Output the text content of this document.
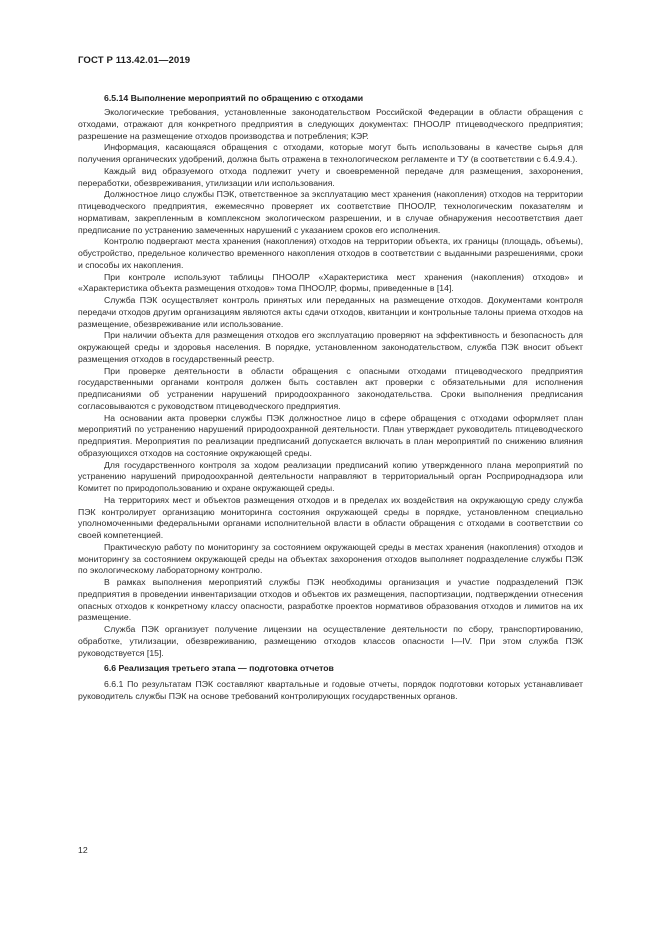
ГОСТ Р 113.42.01—2019
6.5.14 Выполнение мероприятий по обращению с отходами

Экологические требования, установленные законодательством Российской Федерации в области обращения с отходами, отражают для конкретного предприятия в следующих документах: ПНООЛР птицеводческого предприятия; разрешение на размещение отходов производства и потребления; КЭР.

Информация, касающаяся обращения с отходами, которые могут быть использованы в качестве сырья для получения органических удобрений, должна быть отражена в технологическом регламенте и ТУ (в соответствии с 6.4.9.4.).

Каждый вид образуемого отхода подлежит учету и своевременной передаче для размещения, захоронения, переработки, обезвреживания, утилизации или использования.

Должностное лицо службы ПЭК, ответственное за эксплуатацию мест хранения (накопления) отходов на территории птицеводческого предприятия, ежемесячно проверяет их соответствие ПНООЛР, технологическим показателям и нормативам, закрепленным в комплексном экологическом разрешении, и в случае обнаружения несоответствия дает предписание по устранению замеченных нарушений с указанием сроков его исполнения.

Контролю подвергают места хранения (накопления) отходов на территории объекта, их границы (площадь, объемы), обустройство, предельное количество временного накопления отходов в соответствии с выданными разрешениями, сроки и способы их накопления.

При контроле используют таблицы ПНООЛР «Характеристика мест хранения (накопления) отходов» и «Характеристика объекта размещения отходов» тома ПНООЛР, формы, приведенные в [14].

Служба ПЭК осуществляет контроль принятых или переданных на размещение отходов. Документами контроля передачи отходов другим организациям являются акты сдачи отходов, квитанции и контрольные талоны приема отходов на размещение, обезвреживание или использование.

При наличии объекта для размещения отходов его эксплуатацию проверяют на эффективность и безопасность для окружающей среды и здоровья населения. В порядке, установленном законодательством, служба ПЭК вносит объект размещения отходов в государственный реестр.

При проверке деятельности в области обращения с опасными отходами птицеводческого предприятия государственными органами контроля должен быть составлен акт проверки с обязательными для исполнения предписаниями об устранении нарушений природоохранного законодательства. Сроки выполнения предписания согласовываются с руководством птицеводческого предприятия.

На основании акта проверки службы ПЭК должностное лицо в сфере обращения с отходами оформляет план мероприятий по устранению нарушений природоохранной деятельности. План утверждает руководитель птицеводческого предприятия. Мероприятия по реализации предписаний допускается включать в план мероприятий по снижению влияния образующихся отходов на состояние окружающей среды.

Для государственного контроля за ходом реализации предписаний копию утвержденного плана мероприятий по устранению нарушений природоохранной деятельности направляют в территориальный орган Росприроднадзора или Комитет по природопользованию и охране окружающей среды.

На территориях мест и объектов размещения отходов и в пределах их воздействия на окружающую среду служба ПЭК контролирует организацию мониторинга состояния окружающей среды в порядке, установленном специально уполномоченными федеральными органами исполнительной власти в области обращения с отходами в соответствии со своей компетенцией.

Практическую работу по мониторингу за состоянием окружающей среды в местах хранения (накопления) отходов и мониторингу за состоянием окружающей среды на объектах захоронения отходов выполняет подразделение службы ПЭК по экологическому лабораторному контролю.

В рамках выполнения мероприятий службы ПЭК необходимы организация и участие подразделений ПЭК предприятия в проведении инвентаризации отходов и объектов их размещения, паспортизации, подтверждении отнесения опасных отходов к конкретному классу опасности, разработке проектов нормативов образования отходов и лимитов на их размещение.

Служба ПЭК организует получение лицензии на осуществление деятельности по сбору, транспортированию, обработке, утилизации, обезвреживанию, размещению отходов классов опасности I—IV. При этом служба ПЭК руководствуется [15].

6.6 Реализация третьего этапа — подготовка отчетов

6.6.1 По результатам ПЭК составляют квартальные и годовые отчеты, порядок подготовки которых устанавливает руководитель службы ПЭК на основе требований контролирующих государственных органов.

12
